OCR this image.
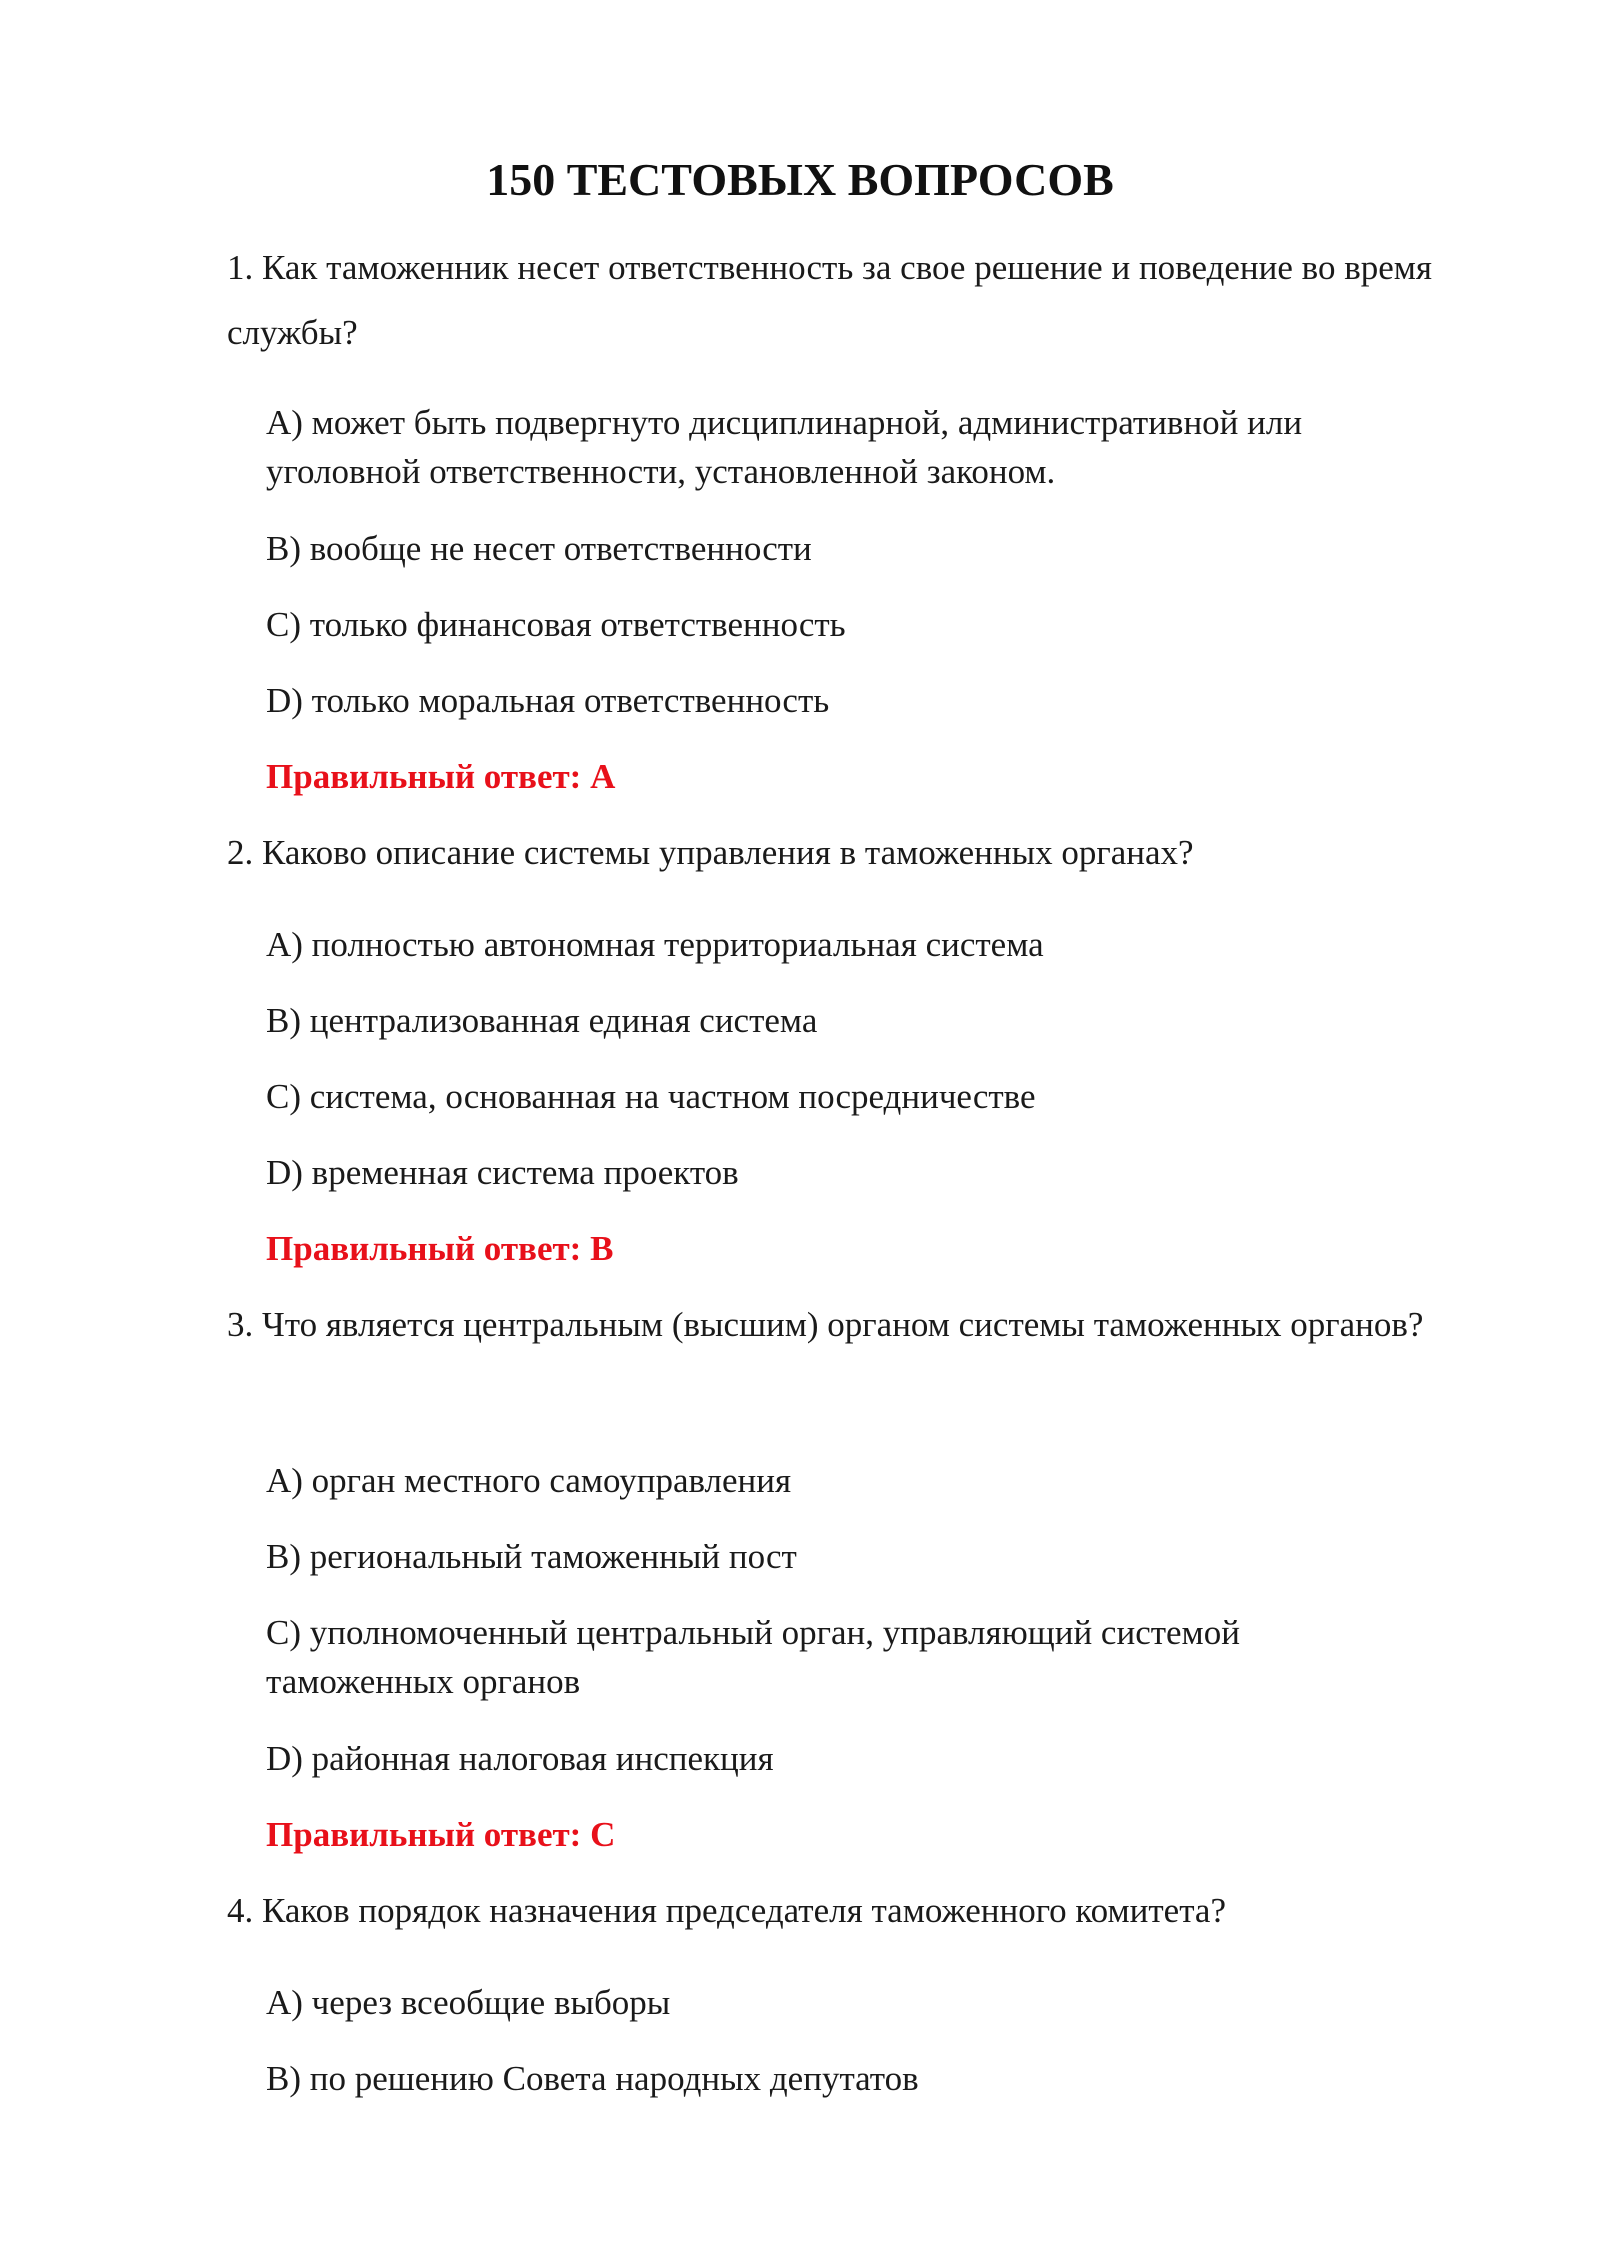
150 ТЕСТОВЫХ ВОПРОСОВ
1. Как таможенник несет ответственность за свое решение и поведение во время службы?
A) может быть подвергнуто дисциплинарной, административной или уголовной ответственности, установленной законом.
B) вообще не несет ответственности
C) только финансовая ответственность
D) только моральная ответственность
Правильный ответ: A
2. Каково описание системы управления в таможенных органах?
A) полностью автономная территориальная система
B) централизованная единая система
C) система, основанная на частном посредничестве
D) временная система проектов
Правильный ответ: B
3. Что является центральным (высшим) органом системы таможенных органов?
A) орган местного самоуправления
B) региональный таможенный пост
C) уполномоченный центральный орган, управляющий системой таможенных органов
D) районная налоговая инспекция
Правильный ответ: C
4. Каков порядок назначения председателя таможенного комитета?
A) через всеобщие выборы
B) по решению Совета народных депутатов
